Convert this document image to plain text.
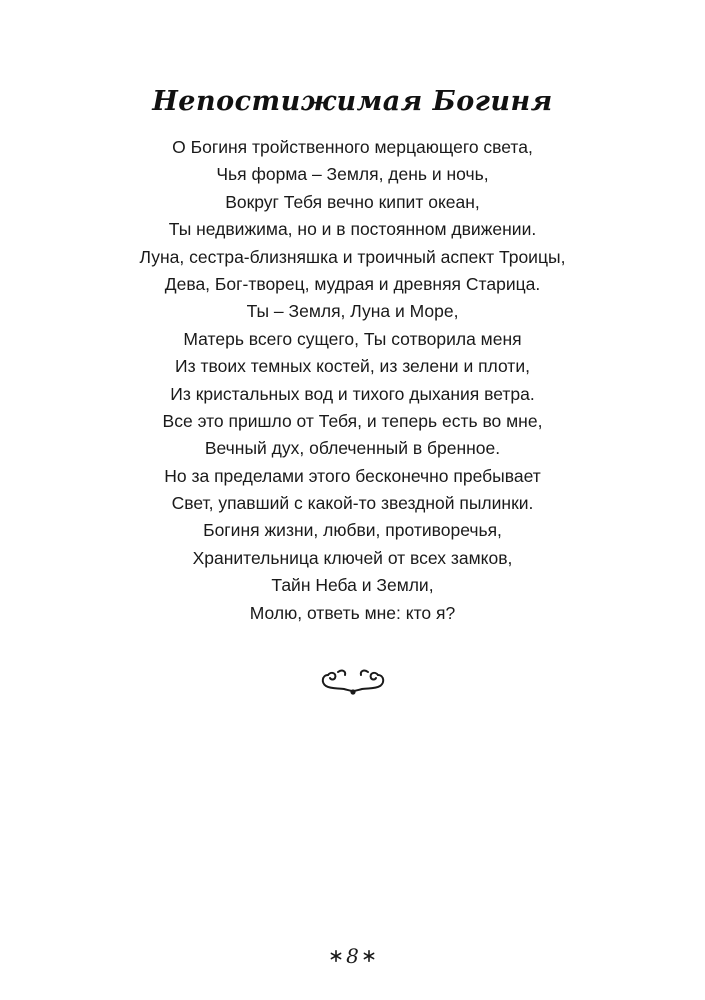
Непостижимая Богиня
О Богиня тройственного мерцающего света,
Чья форма – Земля, день и ночь,
Вокруг Тебя вечно кипит океан,
Ты недвижима, но и в постоянном движении.
Луна, сестра-близняшка и троичный аспект Троицы,
Дева, Бог-творец, мудрая и древняя Старица.
Ты – Земля, Луна и Море,
Матерь всего сущего, Ты сотворила меня
Из твоих темных костей, из зелени и плоти,
Из кристальных вод и тихого дыхания ветра.
Все это пришло от Тебя, и теперь есть во мне,
Вечный дух, облеченный в бренное.
Но за пределами этого бесконечно пребывает
Свет, упавший с какой-то звездной пылинки.
Богиня жизни, любви, противоречья,
Хранительница ключей от всех замков,
Тайн Неба и Земли,
Молю, ответь мне: кто я?
8
